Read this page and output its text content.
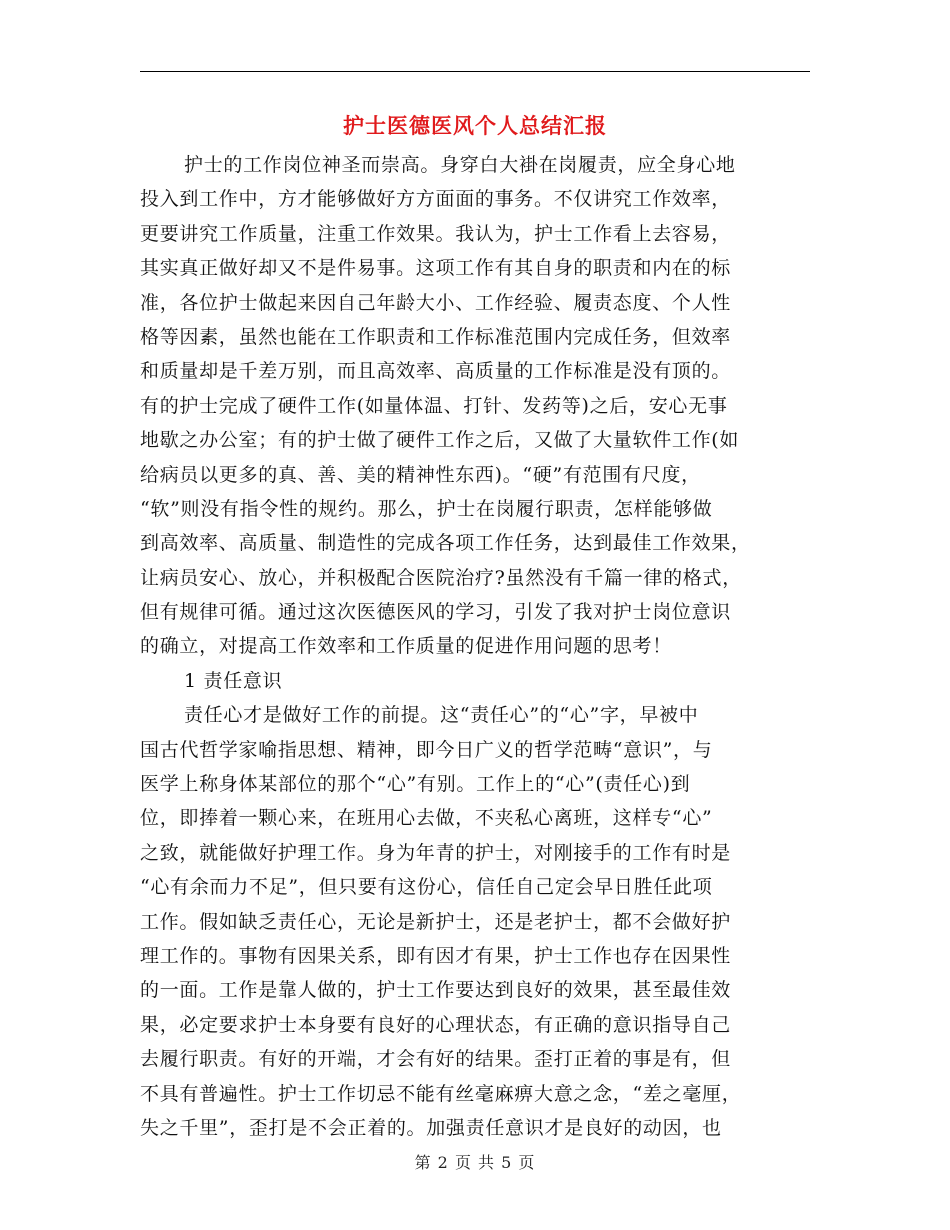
护士医德医风个人总结汇报
护士的工作岗位神圣而崇高。身穿白大褂在岗履责，应全身心地
投入到工作中，方才能够做好方方面面的事务。不仅讲究工作效率，
更要讲究工作质量，注重工作效果。我认为，护士工作看上去容易，
其实真正做好却又不是件易事。这项工作有其自身的职责和内在的标
准，各位护士做起来因自己年龄大小、工作经验、履责态度、个人性
格等因素，虽然也能在工作职责和工作标准范围内完成任务，但效率
和质量却是千差万别，而且高效率、高质量的工作标准是没有顶的。
有的护士完成了硬件工作(如量体温、打针、发药等)之后，安心无事
地歇之办公室；有的护士做了硬件工作之后，又做了大量软件工作(如
给病员以更多的真、善、美的精神性东西)。“硬”有范围有尺度，
“软”则没有指令性的规约。那么，护士在岗履行职责，怎样能够做
到高效率、高质量、制造性的完成各项工作任务，达到最佳工作效果，
让病员安心、放心，并积极配合医院治疗?虽然没有千篇一律的格式，
但有规律可循。通过这次医德医风的学习，引发了我对护士岗位意识
的确立，对提高工作效率和工作质量的促进作用问题的思考！
1 责任意识
责任心才是做好工作的前提。这“责任心”的“心”字，早被中
国古代哲学家喻指思想、精神，即今日广义的哲学范畴“意识”，与
医学上称身体某部位的那个“心”有别。工作上的“心”(责任心)到
位，即捧着一颗心来，在班用心去做，不夹私心离班，这样专“心”
之致，就能做好护理工作。身为年青的护士，对刚接手的工作有时是
“心有余而力不足”，但只要有这份心，信任自己定会早日胜任此项
工作。假如缺乏责任心，无论是新护士，还是老护士，都不会做好护
理工作的。事物有因果关系，即有因才有果，护士工作也存在因果性
的一面。工作是靠人做的，护士工作要达到良好的效果，甚至最佳效
果，必定要求护士本身要有良好的心理状态，有正确的意识指导自己
去履行职责。有好的开端，才会有好的结果。歪打正着的事是有，但
不具有普遍性。护士工作切忌不能有丝毫麻痹大意之念，“差之毫厘，
失之千里”，歪打是不会正着的。加强责任意识才是良好的动因，也
第 2 页 共 5 页
